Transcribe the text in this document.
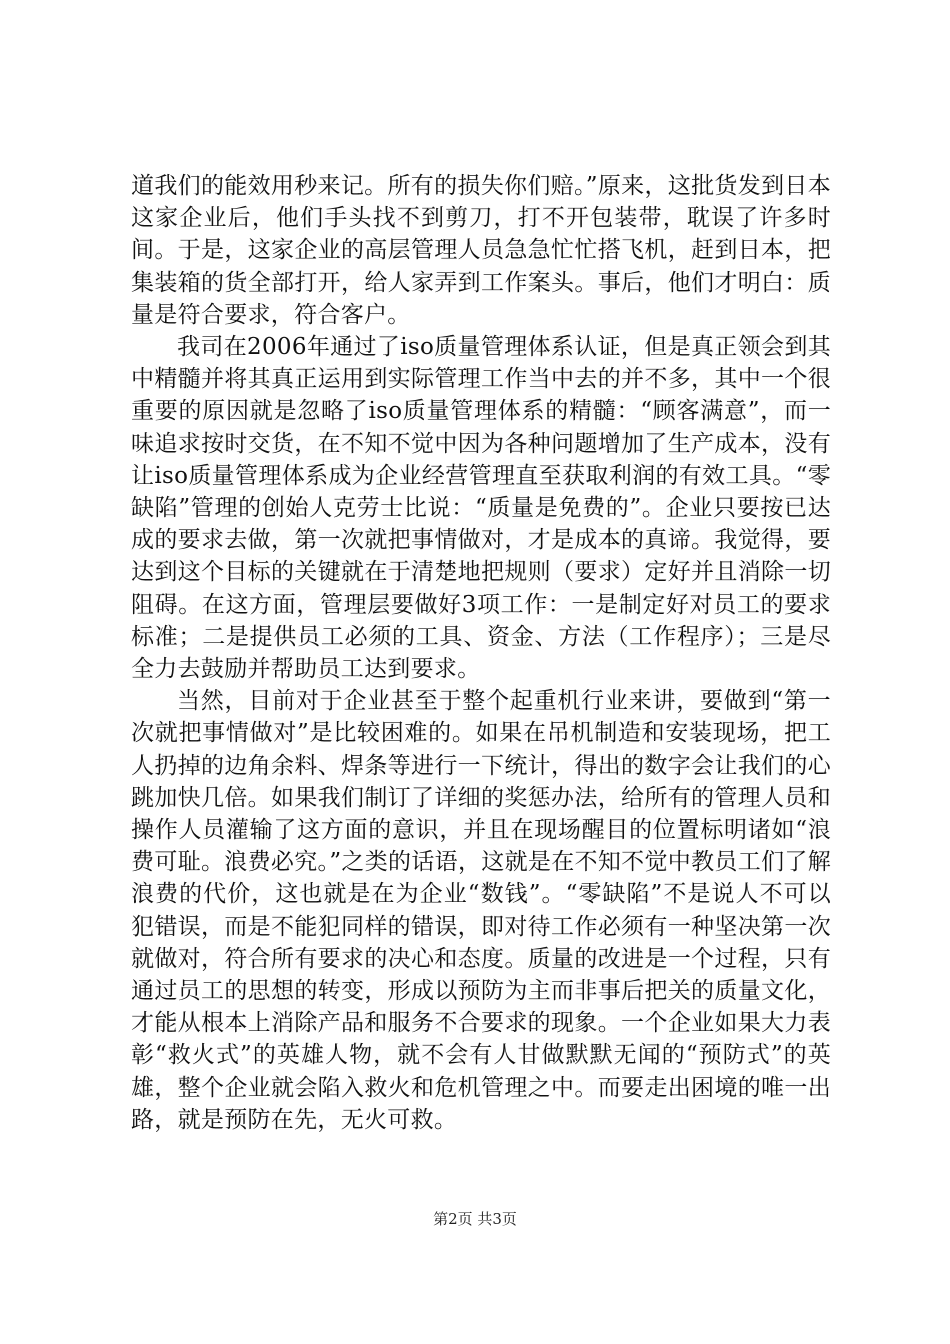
道我们的能效用秒来记。所有的损失你们赔。”原来，这批货发到日本这家企业后，他们手头找不到剪刀，打不开包装带，耽误了许多时间。于是，这家企业的高层管理人员急急忙忙搭飞机，赶到日本，把集装箱的货全部打开，给人家弄到工作案头。事后，他们才明白：质量是符合要求，符合客户。

我司在2006年通过了iso质量管理体系认证，但是真正领会到其中精髓并将其真正运用到实际管理工作当中去的并不多，其中一个很重要的原因就是忽略了iso质量管理体系的精髓：“顾客满意”，而一味追求按时交货，在不知不觉中因为各种问题增加了生产成本，没有让iso质量管理体系成为企业经营管理直至获取利润的有效工具。“零缺陷”管理的创始人克劳士比说：“质量是免费的”。企业只要按已达成的要求去做，第一次就把事情做对，才是成本的真谛。我觉得，要达到这个目标的关键就在于清楚地把规则（要求）定好并且消除一切阻碍。在这方面，管理层要做好3项工作：一是制定好对员工的要求标准；二是提供员工必须的工具、资金、方法（工作程序）；三是尽全力去鼓励并帮助员工达到要求。

当然，目前对于企业甚至于整个起重机行业来讲，要做到“第一次就把事情做对”是比较困难的。如果在吊机制造和安装现场，把工人扔掉的边角余料、焊条等进行一下统计，得出的数字会让我们的心跳加快几倍。如果我们制订了详细的奖惩办法，给所有的管理人员和操作人员灌输了这方面的意识，并且在现场醒目的位置标明诸如“浪费可耻。浪费必究。”之类的话语，这就是在不知不觉中教员工们了解浪费的代价，这也就是在为企业“数钱”。“零缺陷”不是说人不可以犯错误，而是不能犯同样的错误，即对待工作必须有一种坚决第一次就做对，符合所有要求的决心和态度。质量的改进是一个过程，只有通过员工的思想的转变，形成以预防为主而非事后把关的质量文化，才能从根本上消除产品和服务不合要求的现象。一个企业如果大力表彰“救火式”的英雄人物，就不会有人甘做默默无闻的“预防式”的英雄，整个企业就会陷入救火和危机管理之中。而要走出困境的唯一出路，就是预防在先，无火可救。

第2页 共3页
